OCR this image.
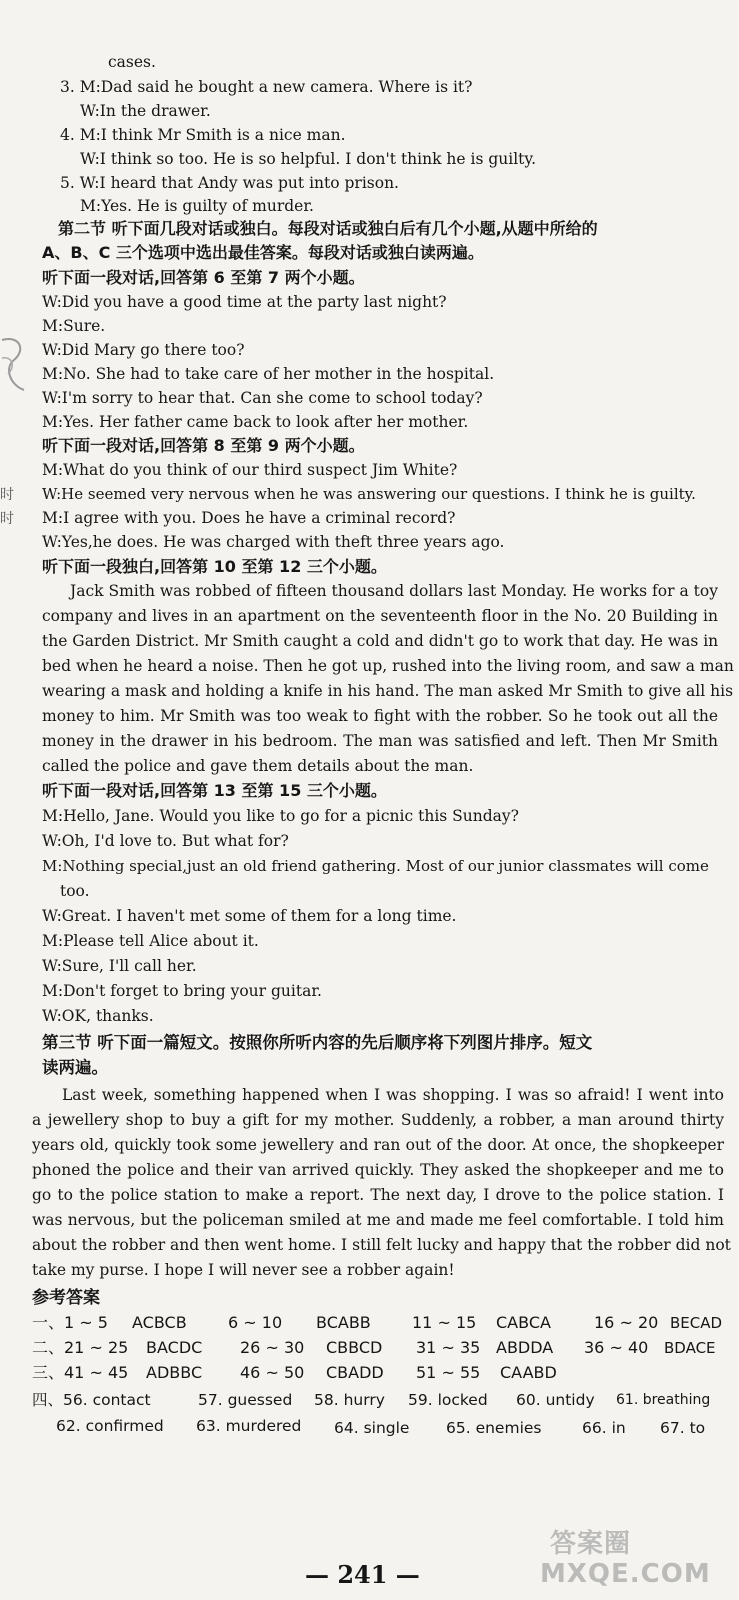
时
时
cases.
3. M:Dad said he bought a new camera. Where is it?
W:In the drawer.
4. M:I think Mr Smith is a nice man.
W:I think so too. He is so helpful. I don't think he is guilty.
5. W:I heard that Andy was put into prison.
M:Yes. He is guilty of murder.
第二节 听下面几段对话或独白。每段对话或独白后有几个小题,从题中所给的
A、B、C 三个选项中选出最佳答案。每段对话或独白读两遍。
听下面一段对话,回答第 6 至第 7 两个小题。
W:Did you have a good time at the party last night?
M:Sure.
W:Did Mary go there too?
M:No. She had to take care of her mother in the hospital.
W:I'm sorry to hear that. Can she come to school today?
M:Yes. Her father came back to look after her mother.
听下面一段对话,回答第 8 至第 9 两个小题。
M:What do you think of our third suspect Jim White?
W:He seemed very nervous when he was answering our questions. I think he is guilty.
M:I agree with you. Does he have a criminal record?
W:Yes,he does. He was charged with theft three years ago.
听下面一段独白,回答第 10 至第 12 三个小题。
Jack Smith was robbed of fifteen thousand dollars last Monday. He works for a toy
company and lives in an apartment on the seventeenth floor in the No. 20 Building in
the Garden District. Mr Smith caught a cold and didn't go to work that day. He was in
bed when he heard a noise. Then he got up, rushed into the living room, and saw a man
wearing a mask and holding a knife in his hand. The man asked Mr Smith to give all his
money to him. Mr Smith was too weak to fight with the robber. So he took out all the
money in the drawer in his bedroom. The man was satisfied and left. Then Mr Smith
called the police and gave them details about the man.
听下面一段对话,回答第 13 至第 15 三个小题。
M:Hello, Jane. Would you like to go for a picnic this Sunday?
W:Oh, I'd love to. But what for?
M:Nothing special,just an old friend gathering. Most of our junior classmates will come
too.
W:Great. I haven't met some of them for a long time.
M:Please tell Alice about it.
W:Sure, I'll call her.
M:Don't forget to bring your guitar.
W:OK, thanks.
第三节 听下面一篇短文。按照你所听内容的先后顺序将下列图片排序。短文
读两遍。
Last week, something happened when I was shopping. I was so afraid! I went into
a jewellery shop to buy a gift for my mother. Suddenly, a robber, a man around thirty
years old, quickly took some jewellery and ran out of the door. At once, the shopkeeper
phoned the police and their van arrived quickly. They asked the shopkeeper and me to
go to the police station to make a report. The next day, I drove to the police station. I
was nervous, but the policeman smiled at me and made me feel comfortable. I told him
about the robber and then went home. I still felt lucky and happy that the robber did not
take my purse. I hope I will never see a robber again!
参考答案
一、1 ~ 5 ACBCB	6 ~ 10 BCABB	11 ~ 15 CABCA	16 ~ 20 BECAD
二、21 ~ 25 BACDC 26 ~ 30 CBBCD 31 ~ 35 ABDDA 36 ~ 40 BDACE
三、41 ~ 45 ADBBC 46 ~ 50 CBADD 51 ~ 55 CAABD
四、56. contact	57. guessed 58. hurry 59. locked 60. untidy 61. breathing
62. confirmed 63. murdered 64. single 65. enemies	66. in 67. to
— 241 —
答案圈
MXQE.COM
